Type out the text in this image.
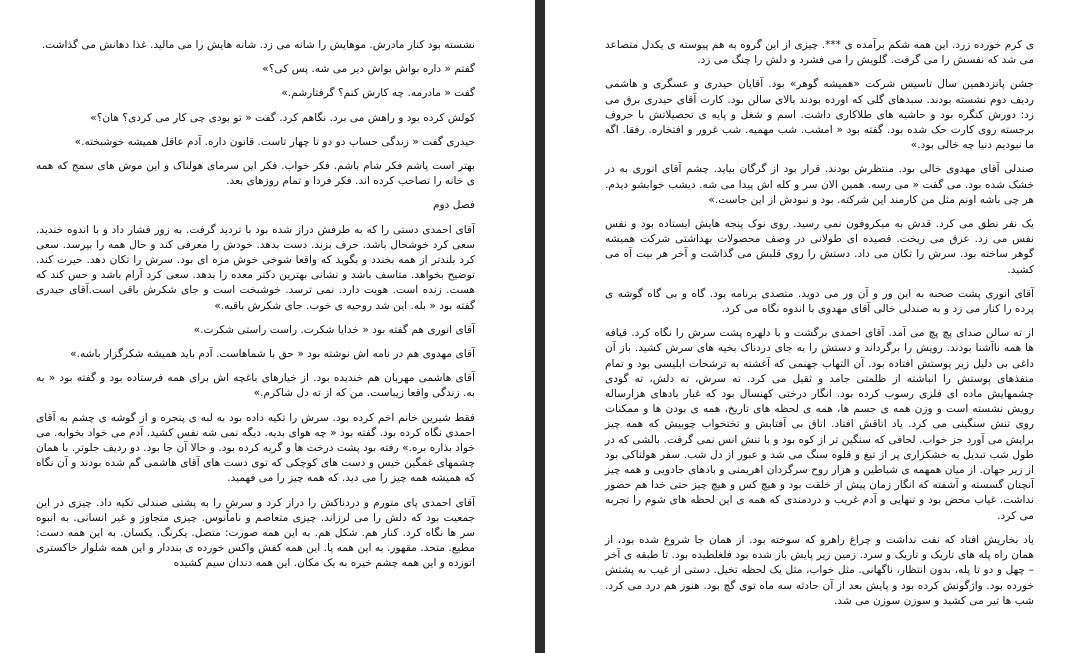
نشسته بود کنار مادرش. موهایش را شانه می زد. شانه هایش را می مالید. غذا دهانش می گذاشت.

گفتم « داره بواش بواش دیر می شه. پس کی؟»

گفت « مادرمه. چه کارش کنم؟ گرفتارشم.»

کولش کرده بود و راهش می برد. نگاهم کرد. گفت « تو بودی چی کار می کردی؟ هان؟»

حیدری گفت « زندگی حساب دو دو تا چهار تاست. قانون داره. آدم عاقل همیشه خوشبخته.»

بهتر است پاشم فکر شام باشم. فکر خواب. فکر این سرمای هولناک و این موش های سمج که همه ی خانه را تصاحب کرده اند. فکر فردا و تمام روزهای بعد.

فصل دوم

آقای احمدی دستی را که به طرفش دراز شده بود با تردید گرفت. به زور فشار داد و با اندوه خندید. سعی کرد خوشحال باشد. حرف بزند. دست بدهد. خودش را معرفی کند و حال همه را بپرسد. سعی کرد بلندتر از همه بخندد و بگوید که واقعا شوخی خوش مزه ای بود. سرش را تکان دهد. حیرت کند. توضیح بخواهد. متاسف باشد و نشانی بهترین دکتر معده را بدهد. سعی کرد آرام باشد و حس کند که هست. زنده است. هویت دارد. نمی ترسد. خوشبخت است و جای شکرش باقی است.آقای حیدری گفته بود « بله. این شد روحیه ی خوب. جای شکرش باقیه.»

آقای انوری هم گفته بود « خدایا شکرت. راست راستی شکرت.»

آقای مهدوی هم در نامه اش نوشته بود « حق با شماهاست. آدم باید همیشه شکرگزار باشه.»

آقای هاشمی مهربان هم خندیده بود. از خیارهای باغچه اش برای همه فرستاده بود و گفته بود « به به. زندگی واقعا زیباست. من که از ته دل شاکرم.»

فقط شیرین خانم اخم کرده بود. سرش را تکیه داده بود به لبه ی پنجره و از گوشه ی چشم به آقای احمدی نگاه کرده بود. گفته بود « چه هوای بدیه. دیگه نمی شه نفس کشید. آدم می خواد بخوابه. می خواد بذاره بره.» رفته بود پشت درخت ها و گریه کرده بود. و حالا آن جا بود. دو ردیف جلوتر. با همان چشمهای غمگین خیس و دست های کوچکی که توی دست های آقای هاشمی گم شده بودند و آن نگاه که همیشه همه چیز را می دید. که همه چیز را می فهمید.

آقای احمدی پای متورم و دردناکش را دراز کرد و سرش را به پشتی صندلی تکیه داد. چیزی در این جمعیت بود که دلش را می لرزاند. چیزی متعاصم و ناماًنوس. چیزی متجاوز و غیر انسانی. به انبوه سر ها نگاه کرد. کنار هم. شکل هم. به این همه صورت: متصل. یکرنگ. یکسان. به این همه دست: مطیع. متحد. مقهور. به این همه پا. این همه کفش واکس خورده ی بنددار و این همه شلوار خاکستری اتوزده و این همه چشم خیره به یک مکان. این همه دندان سیم کشیده

ی کرم خورده زرد. این همه شکم برآمده ی ***. چیزی از این گروه به هم پیوسته ی یکدل متصاعد می شد که نفسش را می گرفت. گلویش را می فشرد و دلش را چنگ می زد.

جشن پانزدهمین سال تاسیس شرکت «همیشه گوهر» بود. آقایان حیدری و عسگری و هاشمی ردیف دوم نشسته بودند. سبدهای گلی که اورده بودند بالای سالن بود. کارت آقای حیدری برق می زد: دورش کنگره بود و حاشیه های طلاکاری داشت. اسم و شغل و پایه ی تحصیلاتش با حروف برجسته روی کارت حک شده بود. گفته بود « امشب. شب مهمیه. شب غرور و افتخاره. رفقا. اگه ما نبودیم دنیا چه خالی بود.»

صندلی آقای مهدوی خالی بود. منتظرش بودند. قرار بود از گرگان بیاید. چشم آقای انوری به در خشک شده بود. می گفت « می رسه. همین الان سر و کله اش پیدا می شه. دیشب خوابشو دیدم. هر چی باشه اونم مثل من کارمند این شرکته. بود و نبودش از این جاست.»

یک نفر نطق می کرد. قدش به میکروفون نمی رسید. روی نوک پنجه هایش ایستاده بود و نفس نفس می زد. عرق می ریخت. قصیده ای طولانی در وصف محصولات بهداشتی شرکت همیشه گوهر ساخته بود. سرش را تکان می داد. دستش را روی قلبش می گذاشت و آخر هر بیت آه می کشید.

آقای انوری پشت صحنه به این ور و آن ور می دوید. متصدی برنامه بود. گاه و بی گاه گوشه ی پرده را کنار می زد و به صندلی خالی آقای مهدوی با اندوه نگاه می کرد.

از ته سالن صدای پچ پچ می آمد. آقای احمدی برگشت و با دلهره پشت سرش را نگاه کرد. قیافه ها همه ناآشنا بودند. رویش را برگرداند و دستش را به جای دردناک بخیه های سرش کشید. باز آن داغی بی دلیل زیر پوستش افتاده بود. آن التهاب جهنمی که آغشته به ترشحات ابلیسی بود و تمام منفذهای پوستش را انباشته از ظلمتی جامد و ثقیل می کرد. ته سرش، ته دلش، ته گودی چشمهایش ماده ای فلزی رسوب کرده بود. انگار درختی کهنسال بود که غبار بادهای هزارساله رویش نشسته است و وزن همه ی جسم ها، همه ی لحظه های تاریخ، همه ی بودن ها و ممکنات روی تنش سنگینی می کرد. یاد اتاقش افتاد. اتاق بی آفتابش و تختخواب چوبیش که همه چیز برایش می آورد جز خواب. لحافی که سنگین تر از کوه بود و با تنش انس نمی گرفت. بالشی که در طول شب تبدیل به خشکزاری پر از تیغ و قلوه سنگ می شد و عبور از دل شب. سفر هولناکی بود از زیر جهان. از میان همهمه ی شیاطین و هزار روح سرگردان اهریمنی و بادهای جادویی و همه چیز آنچنان گسسته و آشفته که انگار زمان پیش از خلقت بود و هیچ کس و هیچ چیز حتی خدا هم حضور نداشت. غیاب محض بود و تنهایی و آدم غریب و دردمندی که همه ی این لحظه های شوم را تجربه می کرد.

یاد بخاریش افتاد که نفت نداشت و چراغ راهرو که سوخته بود. از همان جا شروع شده بود، از همان راه پله های تاریک و تاریک و سرد. زمین زیر پایش باز شده بود فلغلطیده بود. تا طبقه ی آخر – چهل و دو تا پله، بدون انتظار، ناگهانی. مثل خواب، مثل یک لحظه تخیل. دستی از غیب به پشتش خورده بود. واژگونش کرده بود و پایش بعد از آن حادثه سه ماه توی گچ بود. هنوز هم درد می کرد. شب ها تیر می کشید و سوزن سوزن می شد.
